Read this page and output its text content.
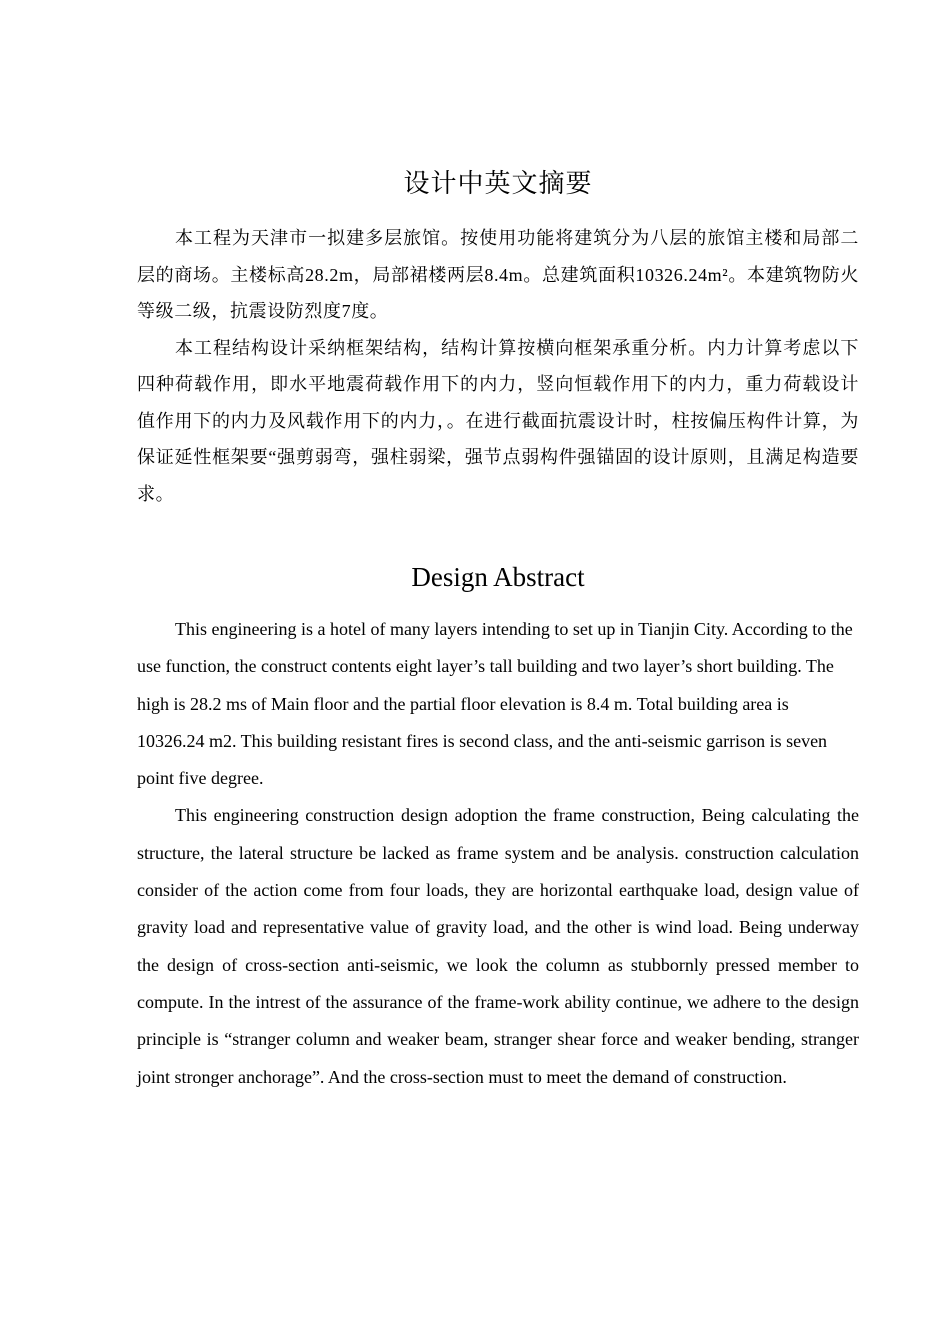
设计中英文摘要

本工程为天津市一拟建多层旅馆。按使用功能将建筑分为八层的旅馆主楼和局部二层的商场。主楼标高28.2m，局部裙楼两层8.4m。总建筑面积10326.24m²。本建筑物防火等级二级，抗震设防烈度7度。

本工程结构设计采纳框架结构，结构计算按横向框架承重分析。内力计算考虑以下四种荷载作用，即水平地震荷载作用下的内力，竖向恒载作用下的内力，重力荷载设计值作用下的内力及风载作用下的内力，。在进行截面抗震设计时，柱按偏压构件计算，为保证延性框架要“强剪弱弯，强柱弱梁，强节点弱构件强锚固的设计原则，且满足构造要求。

Design Abstract

This engineering is a hotel of many layers intending to set up in Tianjin City. According to the use function, the construct contents eight layer’s tall building and two layer’s short building. The high is 28.2 ms of Main floor and the partial floor elevation is 8.4 m. Total building area is 10326.24 m2. This building resistant fires is second class, and the anti-seismic garrison is seven point five degree.

This engineering construction design adoption the frame construction, Being calculating the structure, the lateral structure be lacked as frame system and be analysis. construction calculation consider of the action come from four loads, they are horizontal earthquake load, design value of gravity load and representative value of gravity load, and the other is wind load. Being underway the design of cross-section anti-seismic, we look the column as stubbornly pressed member to compute. In the intrest of the assurance of the frame-work ability continue, we adhere to the design principle is “stranger column and weaker beam, stranger shear force and weaker bending, stranger joint stronger anchorage”. And the cross-section must to meet the demand of construction.
